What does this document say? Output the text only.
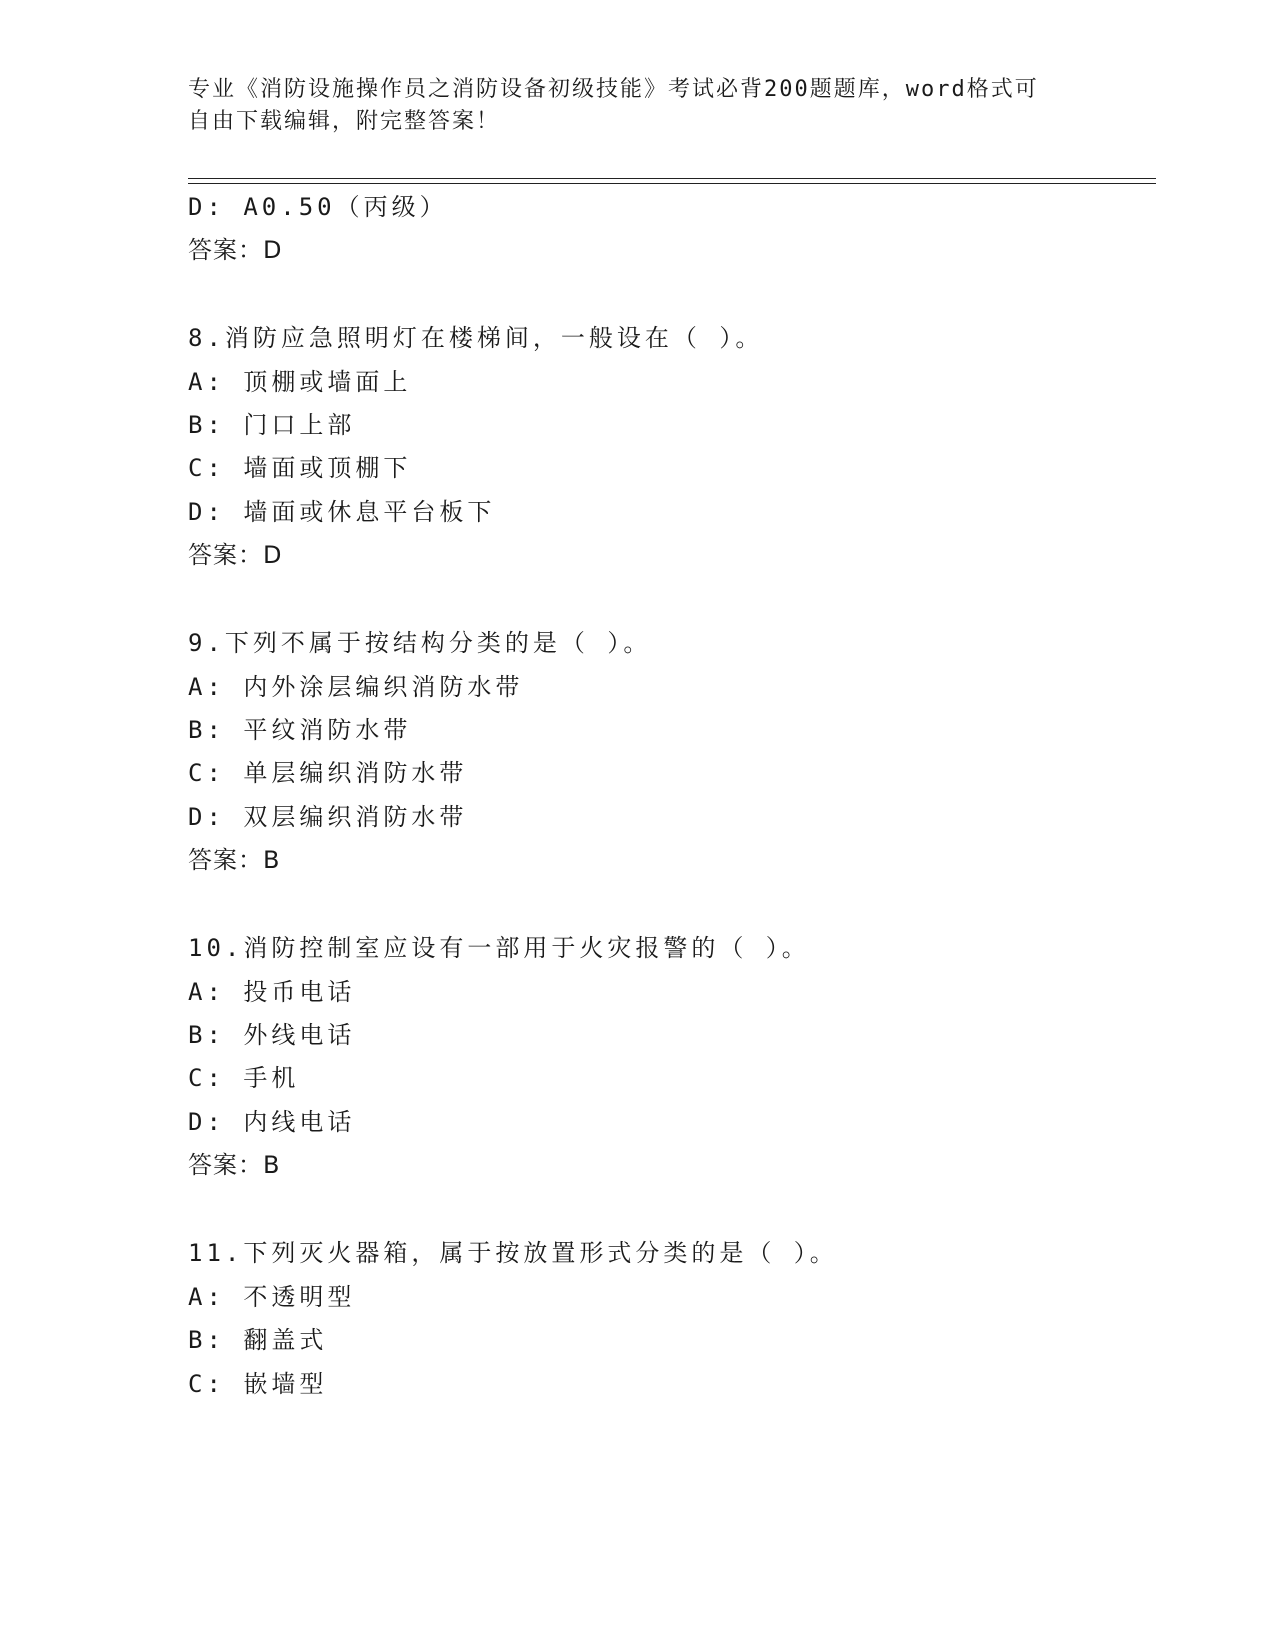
专业《消防设施操作员之消防设备初级技能》考试必背200题题库，word格式可
自由下载编辑，附完整答案！
D: A0.50（丙级）
答案：D
8.消防应急照明灯在楼梯间，一般设在（ ）。
A: 顶棚或墙面上
B: 门口上部
C: 墙面或顶棚下
D: 墙面或休息平台板下
答案：D
9.下列不属于按结构分类的是（ ）。
A: 内外涂层编织消防水带
B: 平纹消防水带
C: 单层编织消防水带
D: 双层编织消防水带
答案：B
10.消防控制室应设有一部用于火灾报警的（ ）。
A: 投币电话
B: 外线电话
C: 手机
D: 内线电话
答案：B
11.下列灭火器箱，属于按放置形式分类的是（ ）。
A: 不透明型
B: 翻盖式
C: 嵌墙型
